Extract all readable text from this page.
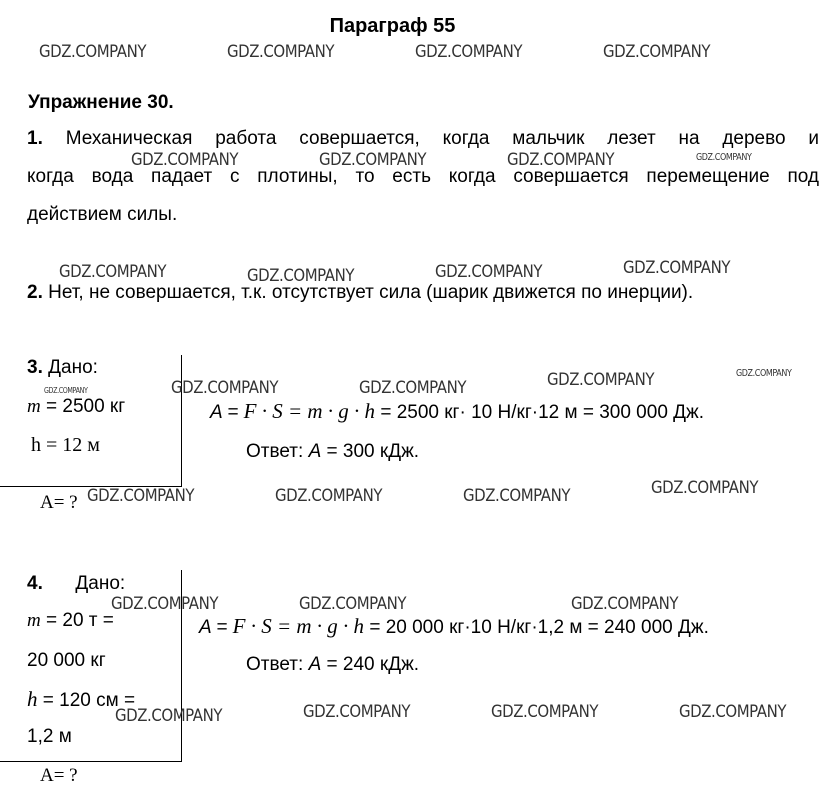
Параграф 55
Упражнение 30.
1. Механическая работа совершается, когда мальчик лезет на дерево и
когда вода падает с плотины, то есть когда совершается перемещение под
действием силы.
2. Нет, не совершается, т.к. отсутствует сила (шарик движется по инерции).
3. Дано:
m = 2500 кг
h = 12 м
A= ?
A = F · S = m · g · h = 2500 кг· 10 Н/кг·12 м = 300 000 Дж.
Ответ: A = 300 кДж.
4. Дано:
m = 20 т =
20 000 кг
h = 120 см =
1,2 м
A= ?
A = F · S = m · g · h = 20 000 кг·10 Н/кг·1,2 м = 240 000 Дж.
Ответ: A = 240 кДж.
GDZ.COMPANY	GDZ.COMPANY	GDZ.COMPANY	GDZ.COMPANY
GDZ.COMPANY	GDZ.COMPANY	GDZ.COMPANY	GDZ.COMPANY
GDZ.COMPANY	GDZ.COMPANY	GDZ.COMPANY	GDZ.COMPANY
GDZ.COMPANY	GDZ.COMPANY	GDZ.COMPANY	GDZ.COMPANY	GDZ.COMPANY
GDZ.COMPANY	GDZ.COMPANY	GDZ.COMPANY	GDZ.COMPANY
GDZ.COMPANY	GDZ.COMPANY	GDZ.COMPANY
GDZ.COMPANY	GDZ.COMPANY	GDZ.COMPANY	GDZ.COMPANY
